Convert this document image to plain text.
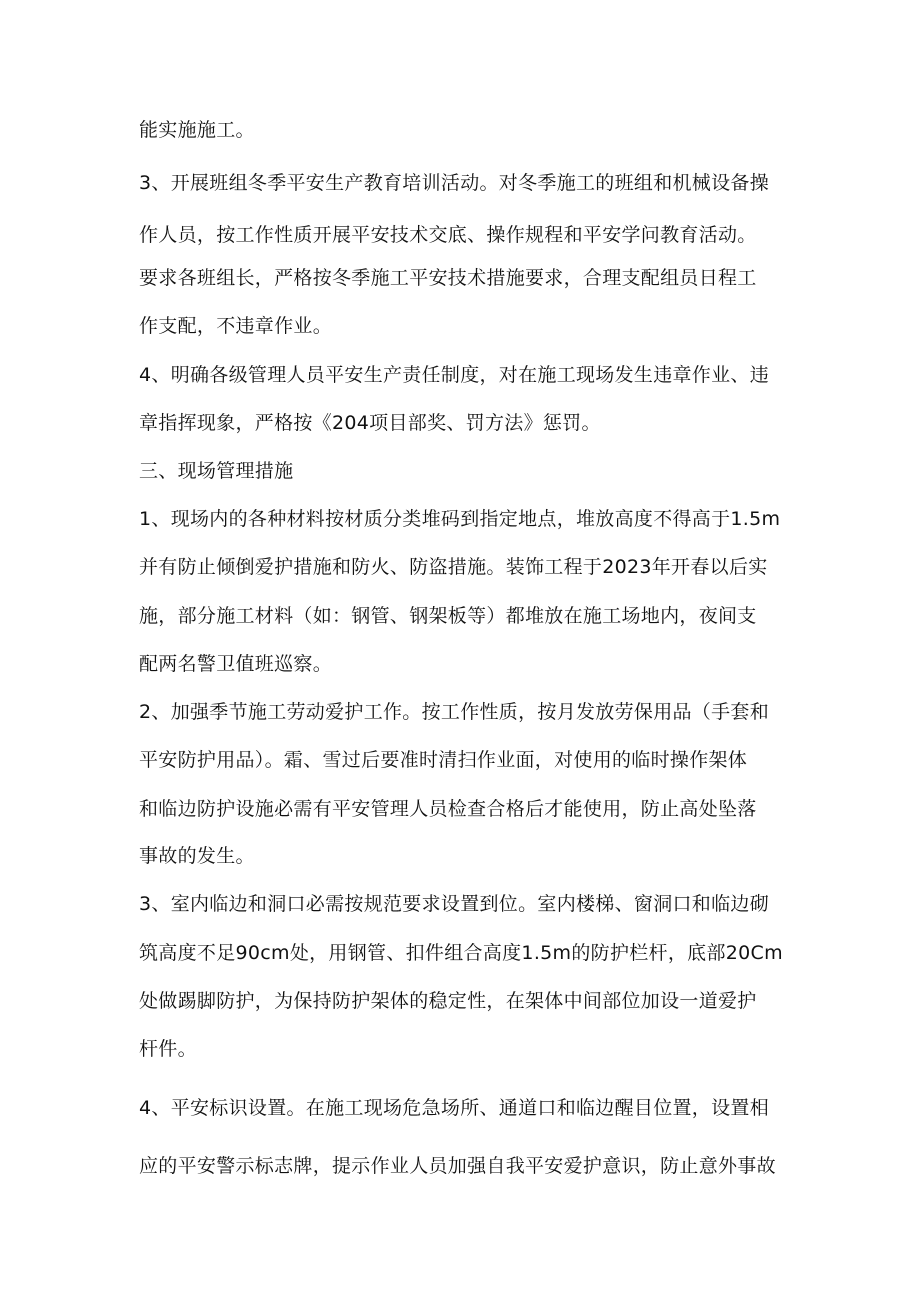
能实施施工。

3、开展班组冬季平安生产教育培训活动。对冬季施工的班组和机械设备操

作人员，按工作性质开展平安技术交底、操作规程和平安学问教育活动。

要求各班组长，严格按冬季施工平安技术措施要求，合理支配组员日程工

作支配，不违章作业。

4、明确各级管理人员平安生产责任制度，对在施工现场发生违章作业、违

章指挥现象，严格按《204项目部奖、罚方法》惩罚。

三、现场管理措施

1、现场内的各种材料按材质分类堆码到指定地点，堆放高度不得高于1.5m

并有防止倾倒爱护措施和防火、防盗措施。装饰工程于2023年开春以后实

施，部分施工材料（如：钢管、钢架板等）都堆放在施工场地内，夜间支

配两名警卫值班巡察。

2、加强季节施工劳动爱护工作。按工作性质，按月发放劳保用品（手套和

平安防护用品）。霜、雪过后要准时清扫作业面，对使用的临时操作架体

和临边防护设施必需有平安管理人员检查合格后才能使用，防止高处坠落

事故的发生。

3、室内临边和洞口必需按规范要求设置到位。室内楼梯、窗洞口和临边砌

筑高度不足90cm处，用钢管、扣件组合高度1.5m的防护栏杆，底部20Cm

处做踢脚防护，为保持防护架体的稳定性，在架体中间部位加设一道爱护

杆件。

4、平安标识设置。在施工现场危急场所、通道口和临边醒目位置，设置相

应的平安警示标志牌，提示作业人员加强自我平安爱护意识，防止意外事故
